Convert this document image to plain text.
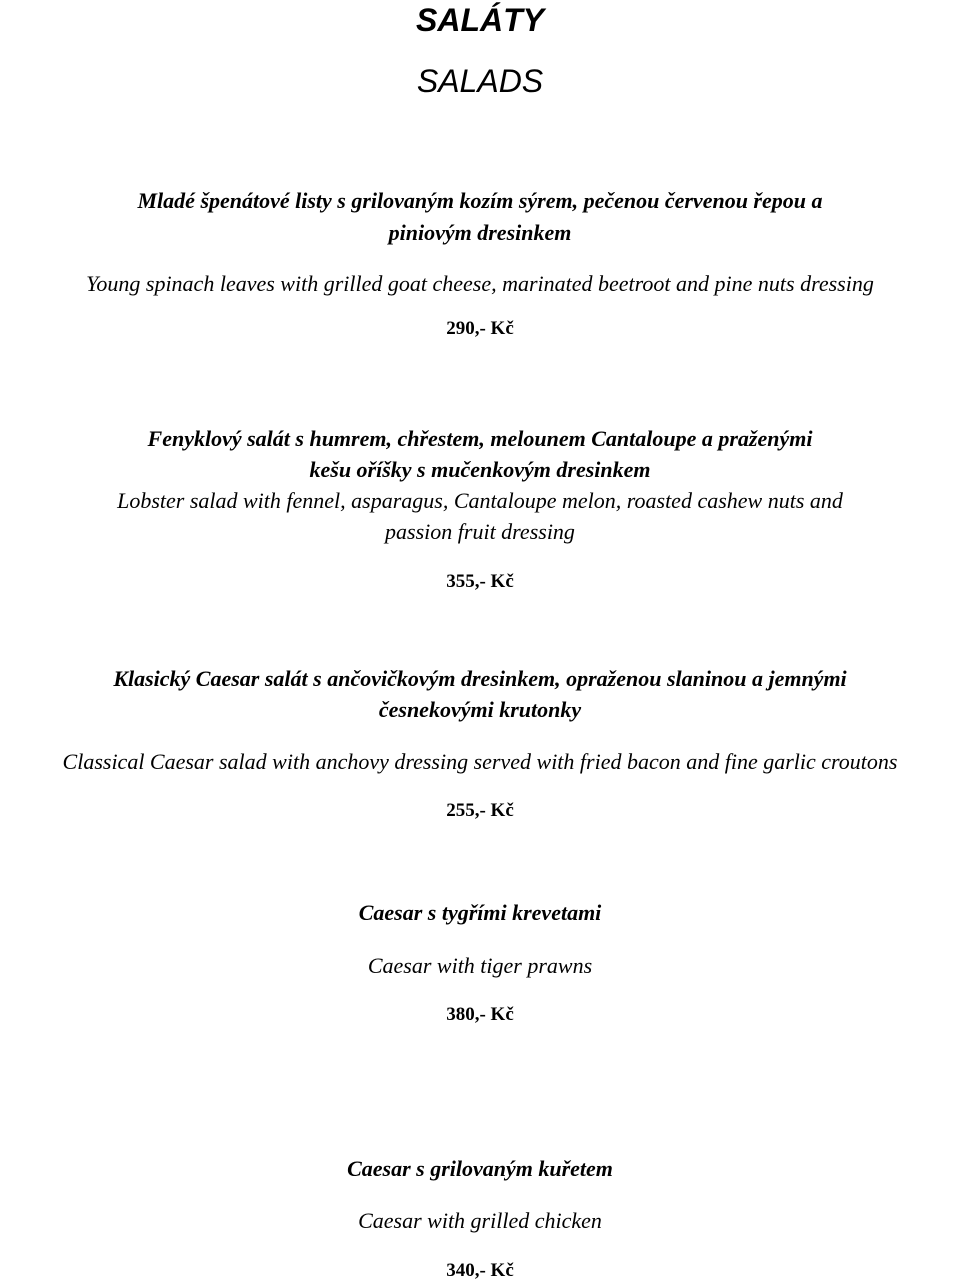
SALÁTY
SALADS
Mladé špenátové listy s grilovaným kozím sýrem, pečenou červenou řepou a
piniovým dresinkem
Young spinach leaves with grilled goat cheese, marinated beetroot and pine nuts dressing
290,- Kč
Fenyklový salát s humrem, chřestem, melounem Cantaloupe a praženými
kešu oříšky s mučenkovým dresinkem
Lobster salad with fennel, asparagus, Cantaloupe melon, roasted cashew nuts and
passion fruit dressing
355,- Kč
Klasický Caesar salát s ančovičkovým dresinkem, opraženou slaninou a jemnými
česnekovými krutonky
Classical Caesar salad with anchovy dressing served with fried bacon and fine garlic croutons
255,- Kč
Caesar s tygřími krevetami
Caesar with tiger prawns
380,- Kč
Caesar s grilovaným kuřetem
Caesar with grilled chicken
340,- Kč
